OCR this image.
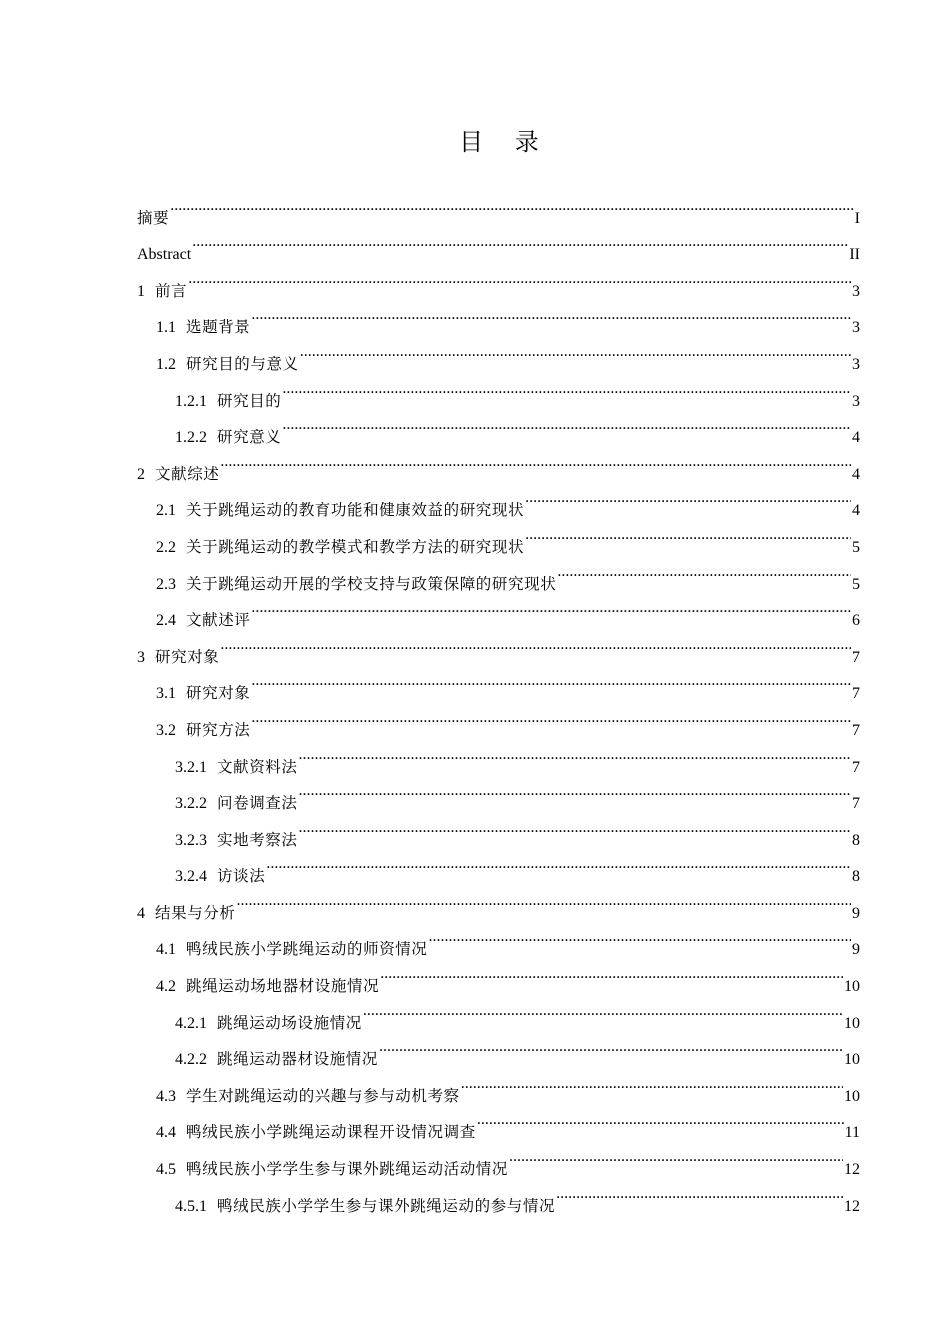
目 录
摘要 .....	I
Abstract .....	II
1 前言 .....	3
1.1 选题背景 .....	3
1.2 研究目的与意义 .....	3
1.2.1 研究目的 .....	3
1.2.2 研究意义 .....	4
2 文献综述 .....	4
2.1 关于跳绳运动的教育功能和健康效益的研究现状 .....	4
2.2 关于跳绳运动的教学模式和教学方法的研究现状 .....	5
2.3 关于跳绳运动开展的学校支持与政策保障的研究现状 .....	5
2.4 文献述评 .....	6
3 研究对象 .....	7
3.1 研究对象 .....	7
3.2 研究方法 .....	7
3.2.1 文献资料法 .....	7
3.2.2 问卷调查法 .....	7
3.2.3 实地考察法 .....	8
3.2.4 访谈法 .....	8
4 结果与分析 .....	9
4.1 鸭绒民族小学跳绳运动的师资情况 .....	9
4.2 跳绳运动场地器材设施情况 .....	10
4.2.1 跳绳运动场设施情况 .....	10
4.2.2 跳绳运动器材设施情况 .....	10
4.3 学生对跳绳运动的兴趣与参与动机考察 .....	10
4.4 鸭绒民族小学跳绳运动课程开设情况调查 .....	11
4.5 鸭绒民族小学学生参与课外跳绳运动活动情况 .....	12
4.5.1 鸭绒民族小学学生参与课外跳绳运动的参与情况 .....	12
